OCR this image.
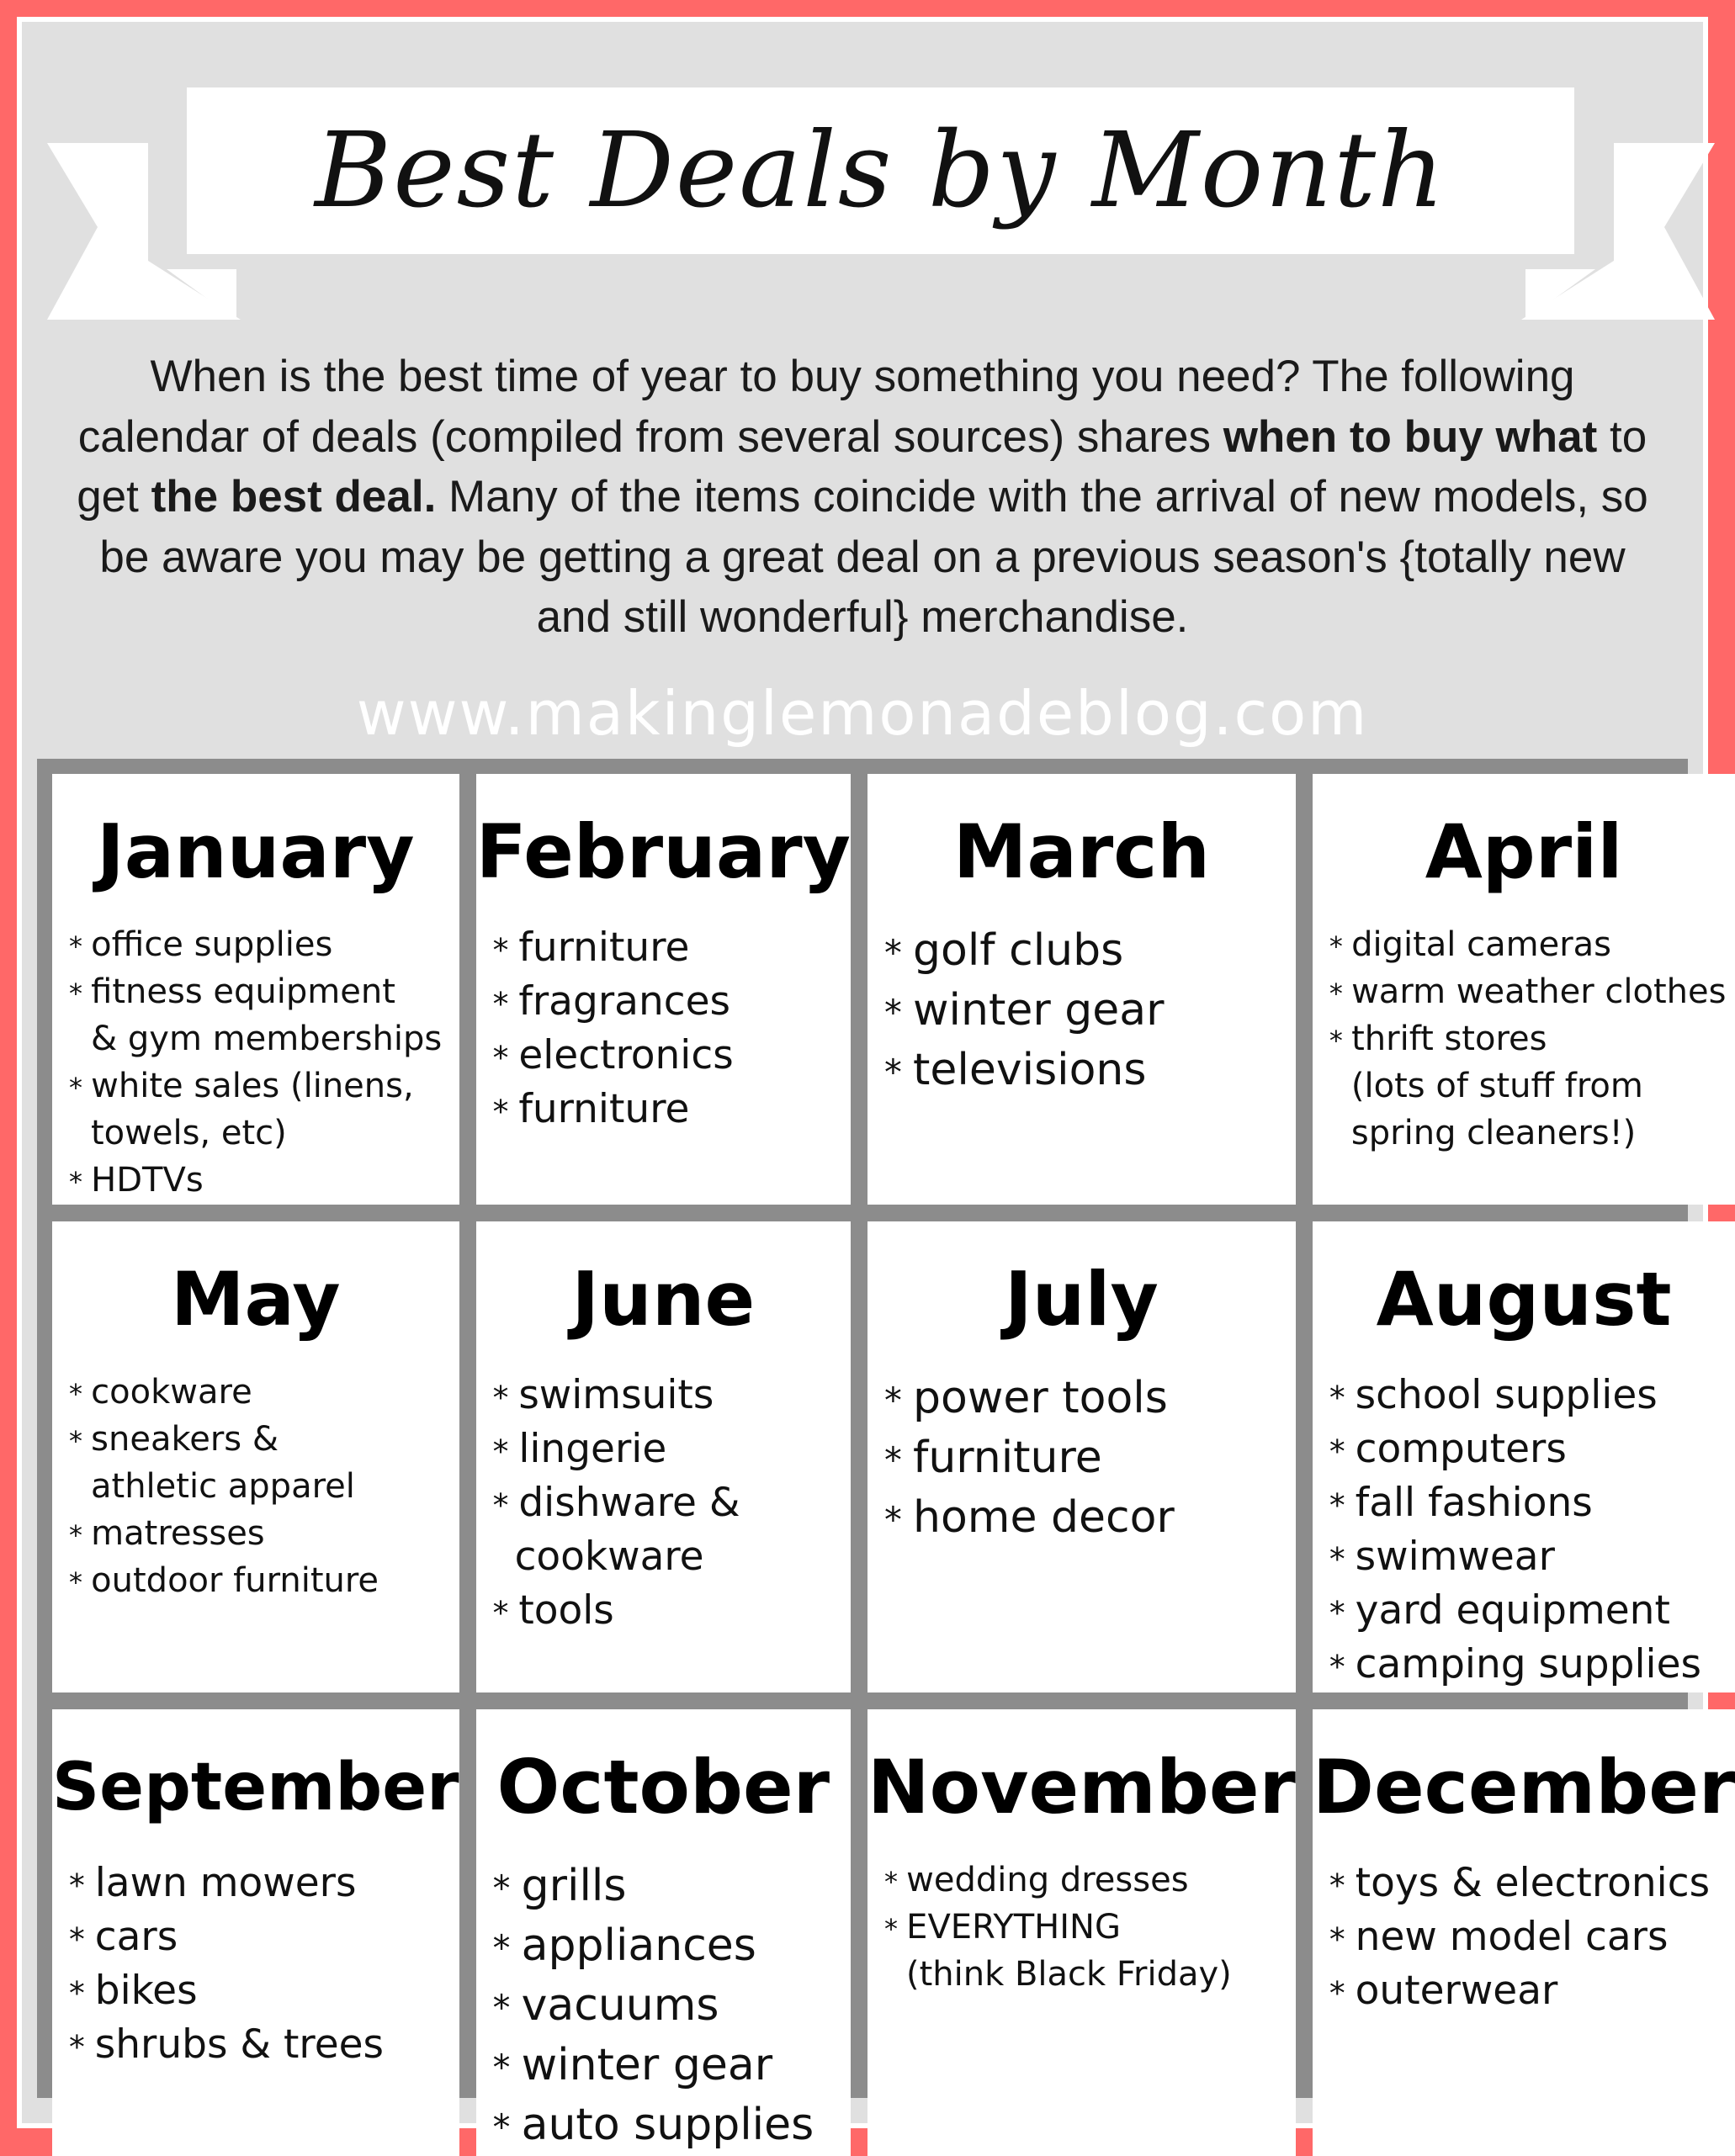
Best Deals by Month

When is the best time of year to buy something you need? The following calendar of deals (compiled from several sources) shares when to buy what to get the best deal. Many of the items coincide with the arrival of new models, so be aware you may be getting a great deal on a previous season's {totally new and still wonderful} merchandise.

www.makinglemonadeblog.com
January
* office supplies
* fitness equipment
& gym memberships
* white sales (linens,
towels, etc)
* HDTVs
February
* furniture
* fragrances
* electronics
* furniture
March
* golf clubs
* winter gear
* televisions
April
* digital cameras
* warm weather clothes
* thrift stores
(lots of stuff from
spring cleaners!)
May
* cookware
* sneakers &
athletic apparel
* matresses
* outdoor furniture
June
* swimsuits
* lingerie
* dishware &
cookware
* tools
July
* power tools
* furniture
* home decor
August
* school supplies
* computers
* fall fashions
* swimwear
* yard equipment
* camping supplies
September
* lawn mowers
* cars
* bikes
* shrubs & trees
October
* grills
* appliances
* vacuums
* winter gear
* auto supplies
November
* wedding dresses
* EVERYTHING
(think Black Friday)
December
* toys & electronics
* new model cars
* outerwear
